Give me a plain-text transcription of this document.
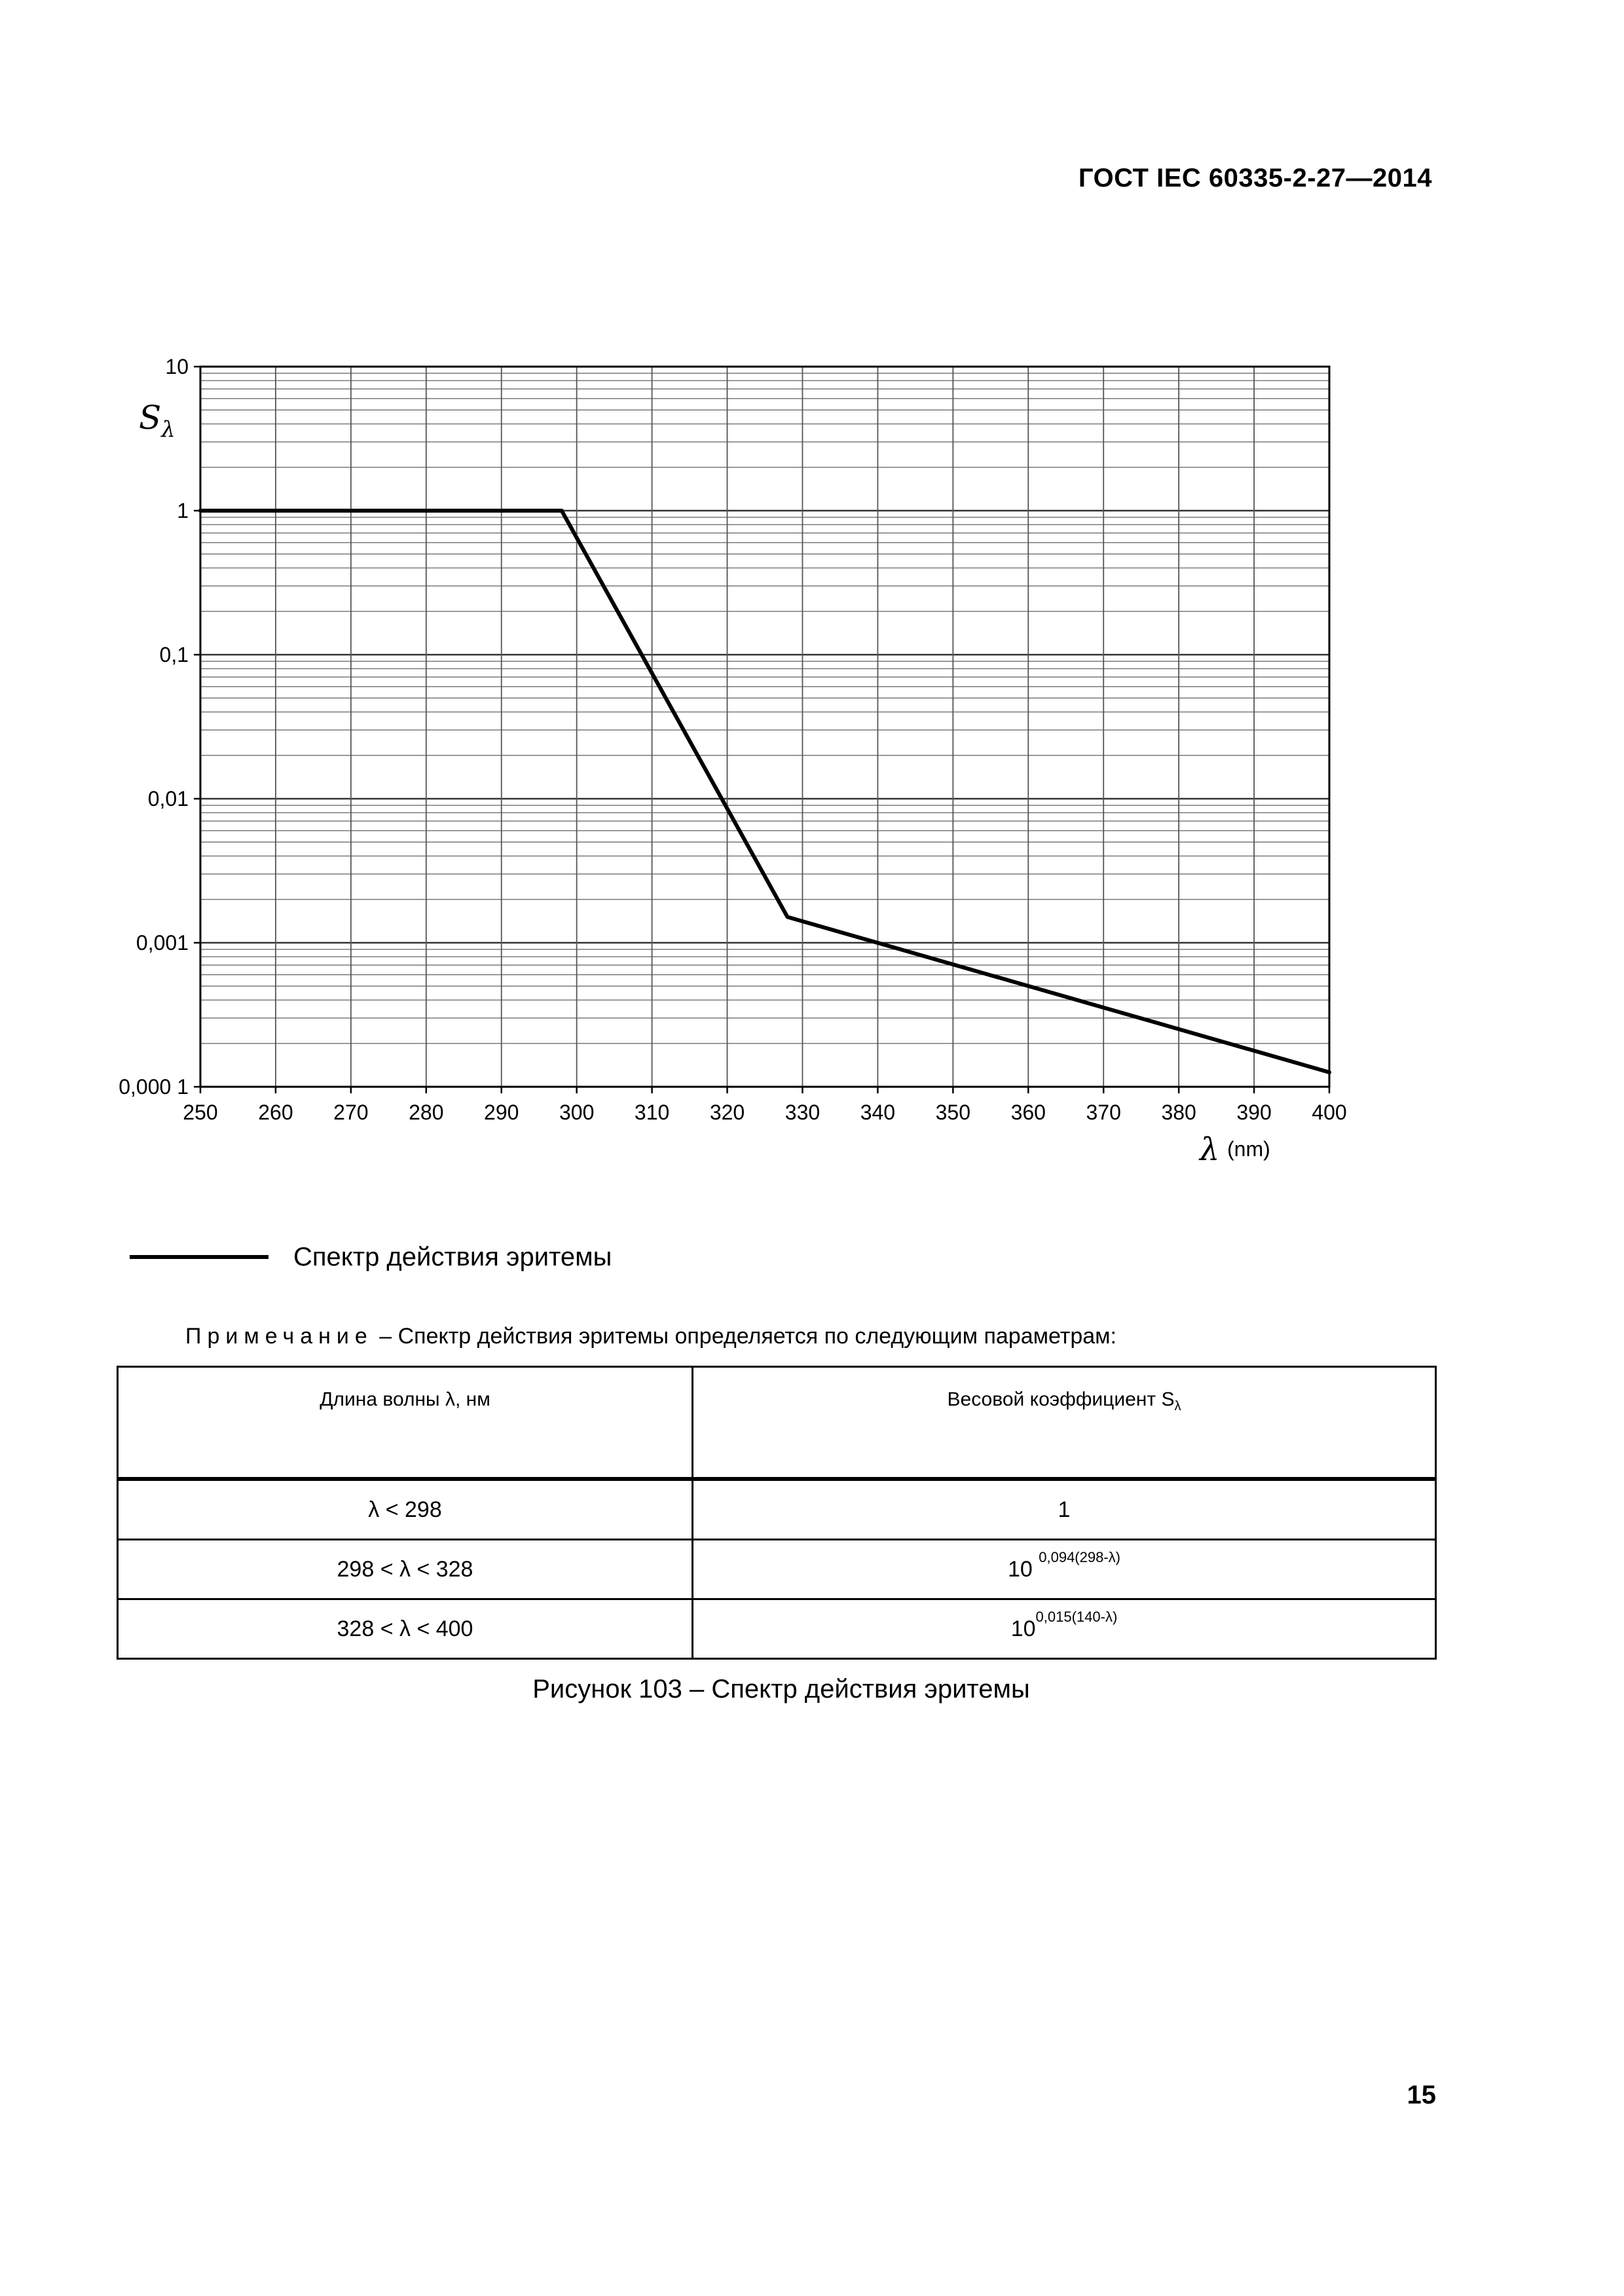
ГОСТ IEC 60335-2-27—2014
250 260 270 280 290 300 310 320 330 340 350 360 370 380 390 400
10
1
0,1
0,01
0,001
0,000 1
$S_\lambda$
λ (nm)
Спектр действия эритемы
Примечание – Спектр действия эритемы определяется по следующим параметрам:
Длина волны λ, нм	Весовой коэффициент $S_\lambda$
λ < 298	1
298 < λ < 328	10 $^{0,094(298-\lambda)}$
328 < λ < 400	$10^{0,015(140-\lambda)}$
Рисунок 103 – Спектр действия эритемы
15
